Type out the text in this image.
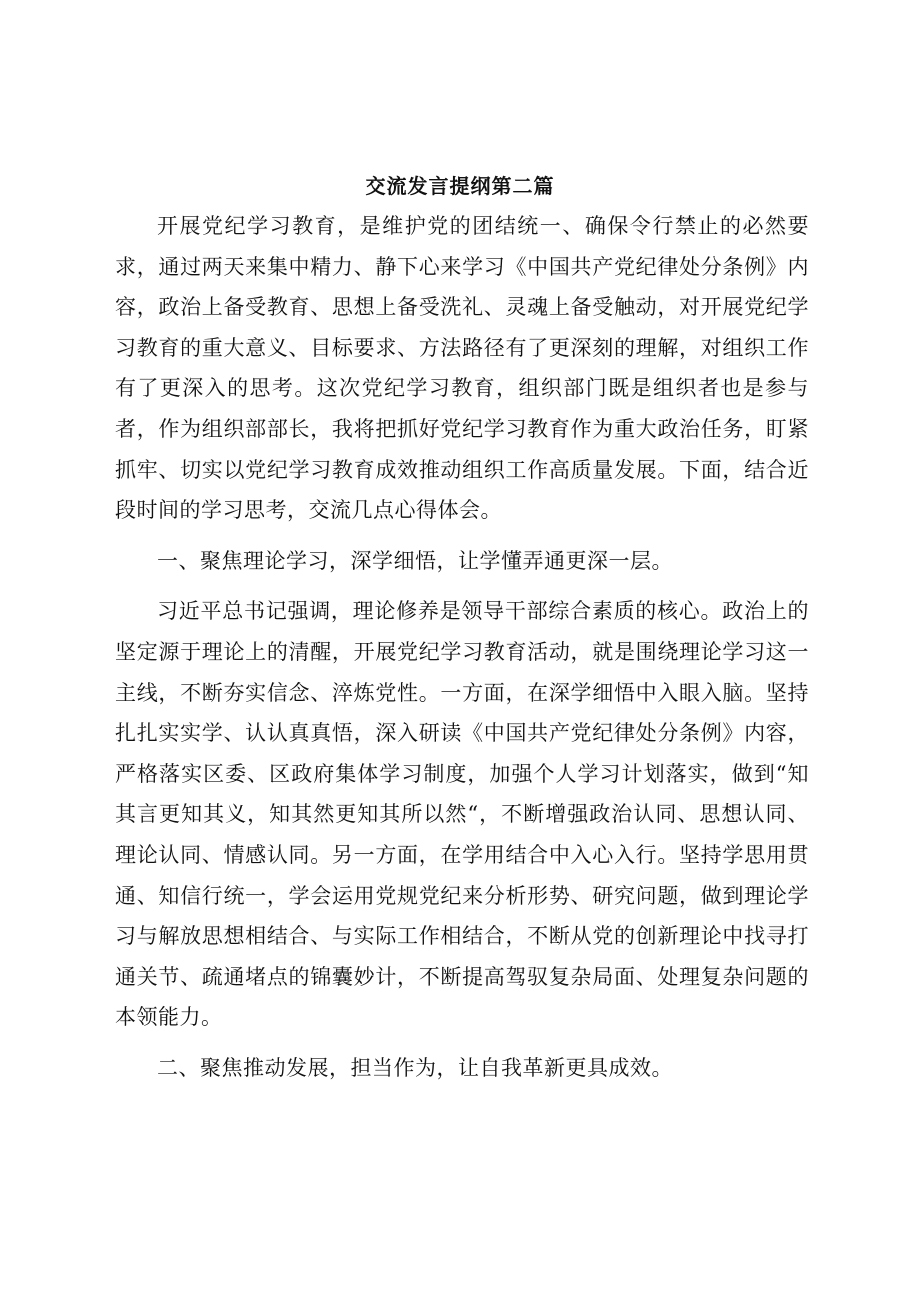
交流发言提纲第二篇

开展党纪学习教育，是维护党的团结统一、确保令行禁止的必然要求，通过两天来集中精力、静下心来学习《中国共产党纪律处分条例》内容，政治上备受教育、思想上备受洗礼、灵魂上备受触动，对开展党纪学习教育的重大意义、目标要求、方法路径有了更深刻的理解，对组织工作有了更深入的思考。这次党纪学习教育，组织部门既是组织者也是参与者，作为组织部部长，我将把抓好党纪学习教育作为重大政治任务，盯紧抓牢、切实以党纪学习教育成效推动组织工作高质量发展。下面，结合近段时间的学习思考，交流几点心得体会。

一、聚焦理论学习，深学细悟，让学懂弄通更深一层。

习近平总书记强调，理论修养是领导干部综合素质的核心。政治上的坚定源于理论上的清醒，开展党纪学习教育活动，就是围绕理论学习这一主线，不断夯实信念、淬炼党性。一方面，在深学细悟中入眼入脑。坚持扎扎实实学、认认真真悟，深入研读《中国共产党纪律处分条例》内容，严格落实区委、区政府集体学习制度，加强个人学习计划落实，做到“知其言更知其义，知其然更知其所以然“，不断增强政治认同、思想认同、理论认同、情感认同。另一方面，在学用结合中入心入行。坚持学思用贯通、知信行统一，学会运用党规党纪来分析形势、研究问题，做到理论学习与解放思想相结合、与实际工作相结合，不断从党的创新理论中找寻打通关节、疏通堵点的锦囊妙计，不断提高驾驭复杂局面、处理复杂问题的本领能力。

二、聚焦推动发展，担当作为，让自我革新更具成效。
